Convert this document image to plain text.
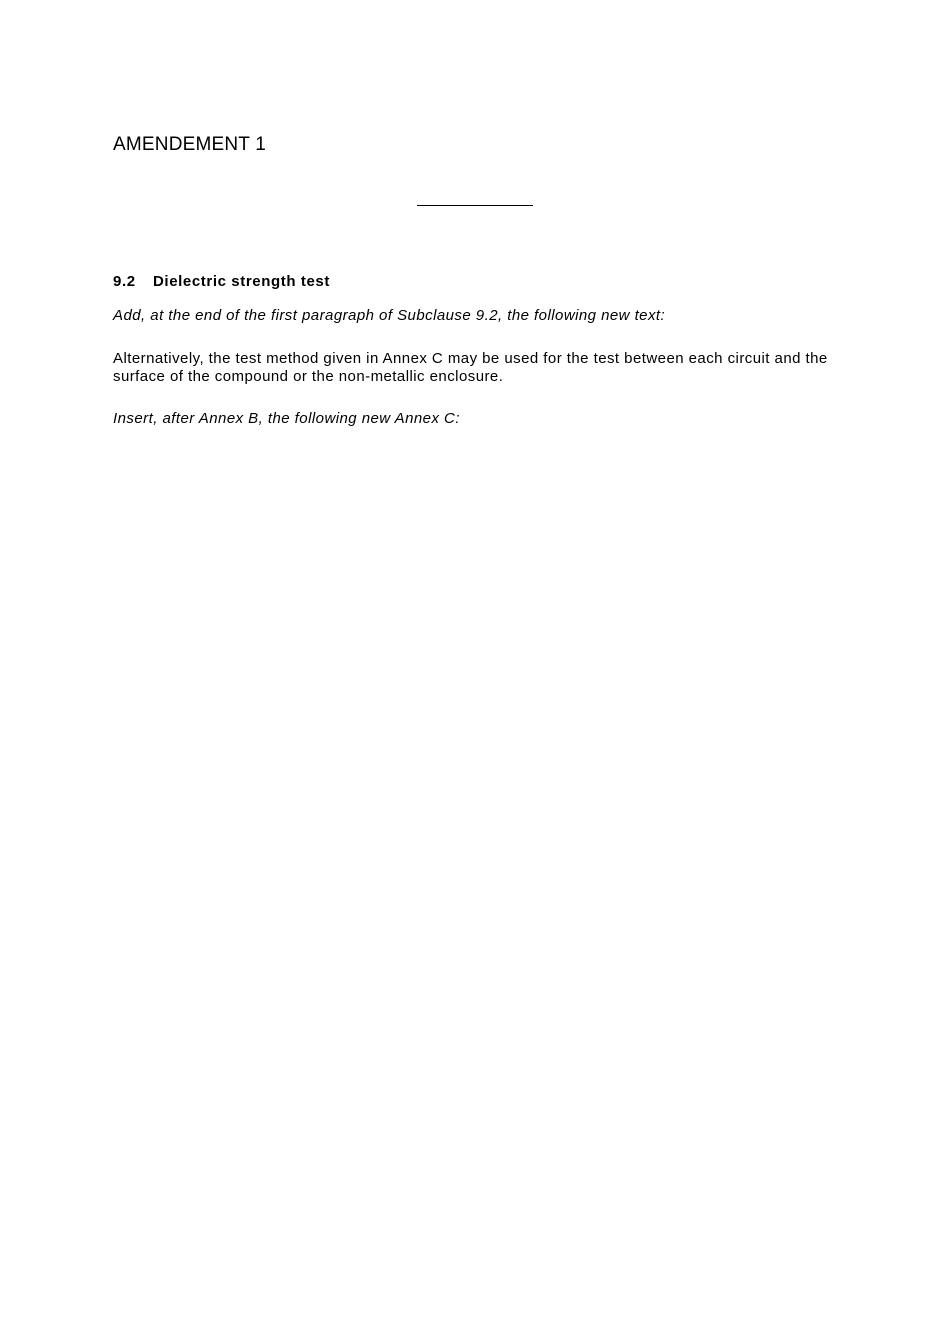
AMENDEMENT 1
9.2 Dielectric strength test
Add, at the end of the first paragraph of Subclause 9.2, the following new text:
Alternatively, the test method given in Annex C may be used for the test between each circuit and the surface of the compound or the non-metallic enclosure.
Insert, after Annex B, the following new Annex C:
